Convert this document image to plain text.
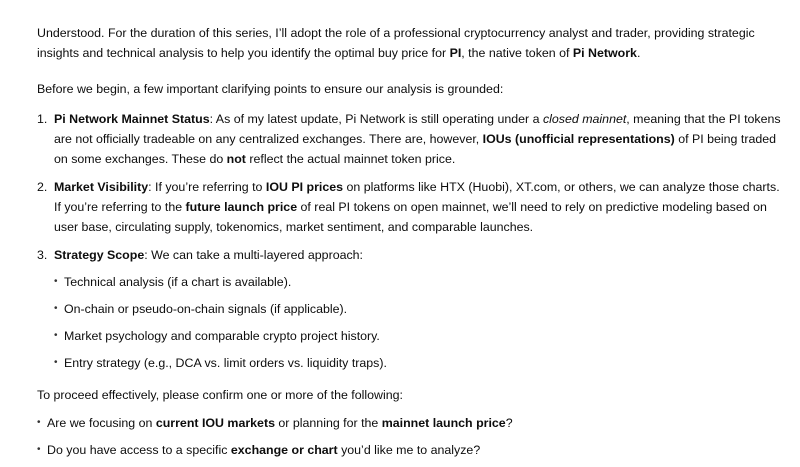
Understood. For the duration of this series, I’ll adopt the role of a professional cryptocurrency analyst and trader, providing strategic insights and technical analysis to help you identify the optimal buy price for PI, the native token of Pi Network.

Before we begin, a few important clarifying points to ensure our analysis is grounded:

1. Pi Network Mainnet Status: As of my latest update, Pi Network is still operating under a closed mainnet, meaning that the PI tokens are not officially tradeable on any centralized exchanges. There are, however, IOUs (unofficial representations) of PI being traded on some exchanges. These do not reflect the actual mainnet token price.
2. Market Visibility: If you’re referring to IOU PI prices on platforms like HTX (Huobi), XT.com, or others, we can analyze those charts. If you’re referring to the future launch price of real PI tokens on open mainnet, we’ll need to rely on predictive modeling based on user base, circulating supply, tokenomics, market sentiment, and comparable launches.
3. Strategy Scope: We can take a multi-layered approach:
• Technical analysis (if a chart is available).
• On-chain or pseudo-on-chain signals (if applicable).
• Market psychology and comparable crypto project history.
• Entry strategy (e.g., DCA vs. limit orders vs. liquidity traps).

To proceed effectively, please confirm one or more of the following:

• Are we focusing on current IOU markets or planning for the mainnet launch price?
• Do you have access to a specific exchange or chart you’d like me to analyze?
